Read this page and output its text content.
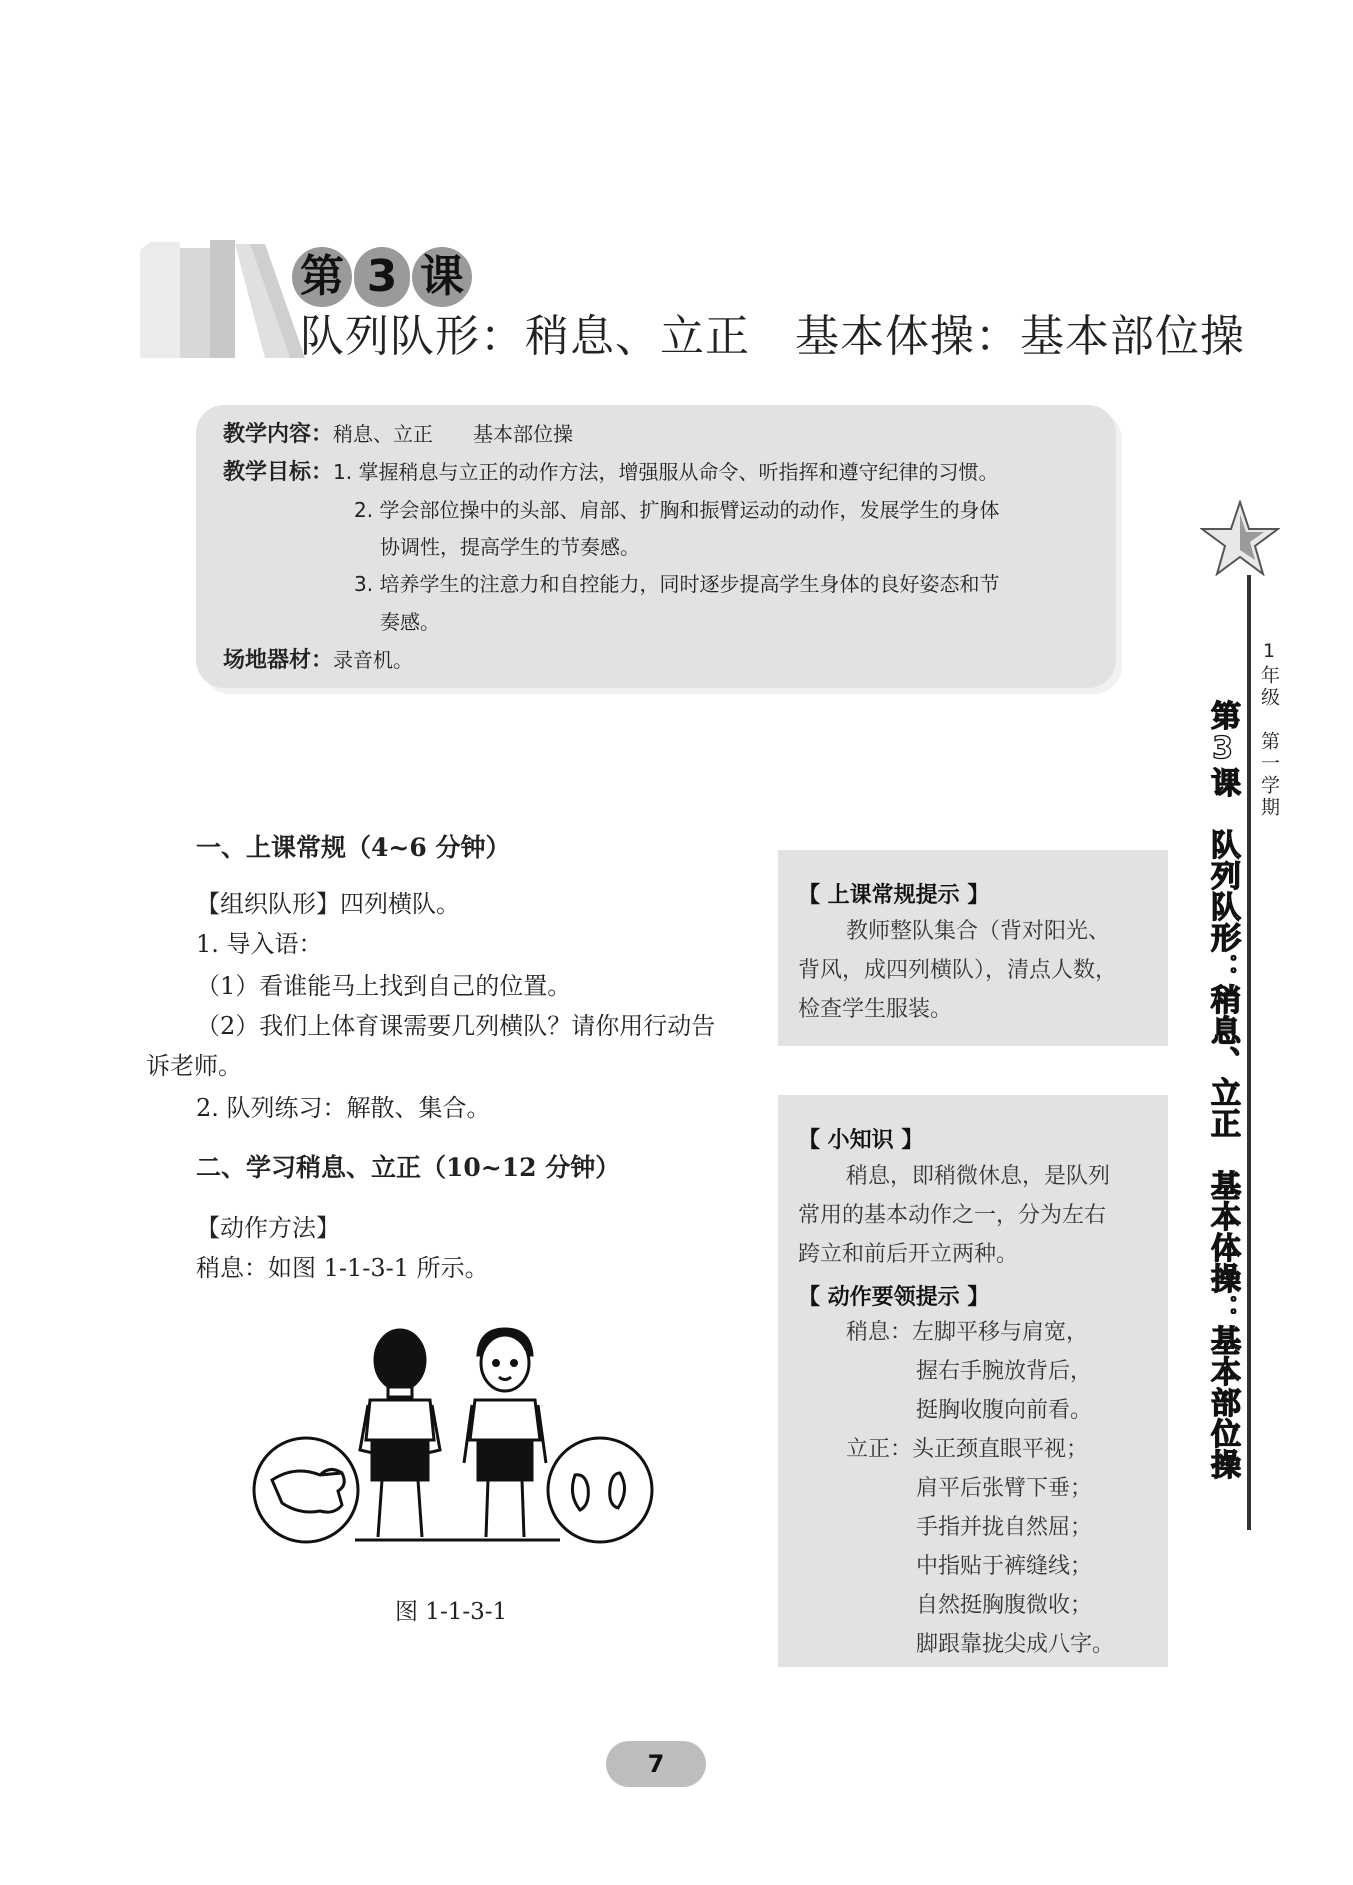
第 3 课
队列队形：稍息、立正　基本体操：基本部位操
教学内容：稍息、立正　　基本部位操
教学目标：1. 掌握稍息与立正的动作方法，增强服从命令、听指挥和遵守纪律的习惯。
2. 学会部位操中的头部、肩部、扩胸和振臂运动的动作，发展学生的身体
协调性，提高学生的节奏感。
3. 培养学生的注意力和自控能力，同时逐步提高学生身体的良好姿态和节
奏感。
场地器材：录音机。	1年级　第一学期
第3课　队列队形：稍息、立正　基本体操：基本部位操
一、上课常规（4~6 分钟）
【组织队形】四列横队。
1. 导入语：
（1）看谁能马上找到自己的位置。
（2）我们上体育课需要几列横队？请你用行动告
诉老师。
2. 队列练习：解散、集合。
二、学习稍息、立正（10~12 分钟）
【动作方法】
稍息：如图 1-1-3-1 所示。
图 1-1-3-1
【 上课常规提示 】
教师整队集合（背对阳光、
背风，成四列横队），清点人数，
检查学生服装。
【 小知识 】
稍息，即稍微休息，是队列
常用的基本动作之一，分为左右
跨立和前后开立两种。
【 动作要领提示 】
稍息：左脚平移与肩宽，
握右手腕放背后，
挺胸收腹向前看。
立正：头正颈直眼平视；
肩平后张臂下垂；
手指并拢自然屈；
中指贴于裤缝线；
自然挺胸腹微收；
脚跟靠拢尖成八字。
7
